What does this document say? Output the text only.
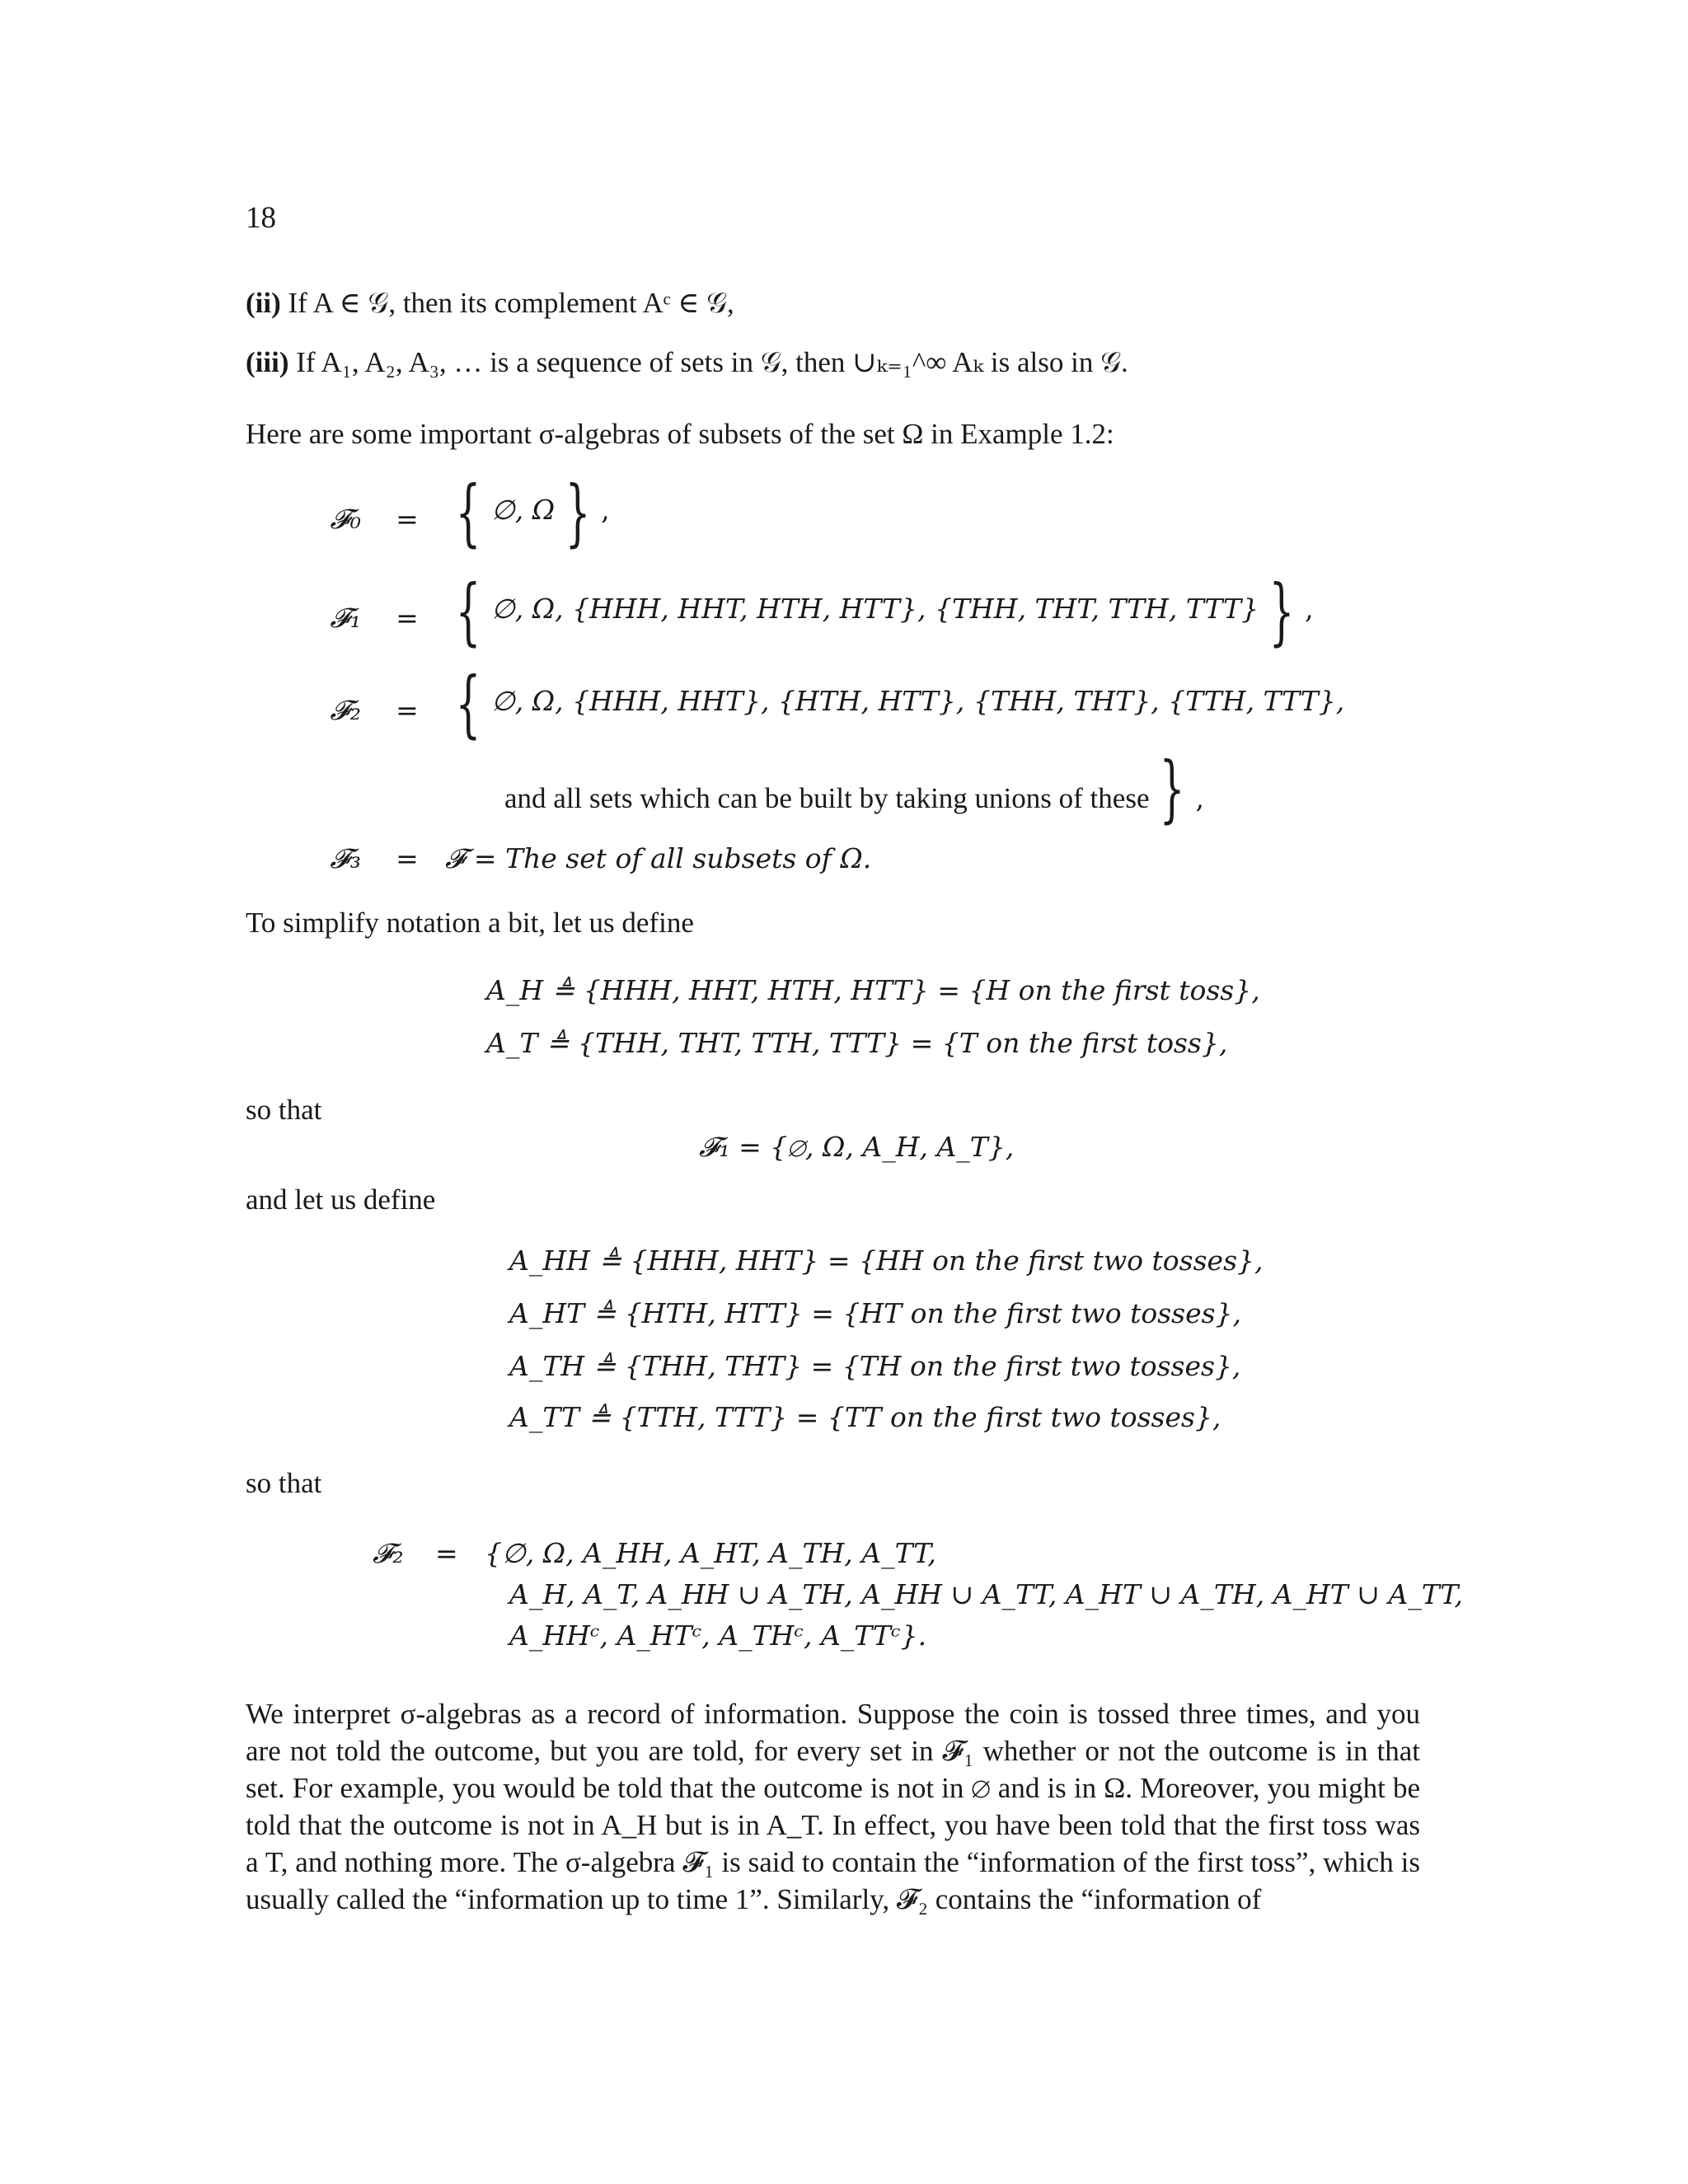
18
(ii) If A ∈ 𝒢, then its complement Aᶜ ∈ 𝒢,
(iii) If A₁, A₂, A₃, … is a sequence of sets in 𝒢, then ∪ₖ₌₁^∞ Aₖ is also in 𝒢.
Here are some important σ-algebras of subsets of the set Ω in Example 1.2:
𝓕₀ = { ∅, Ω } ,
𝓕₁ = { ∅, Ω, {HHH, HHT, HTH, HTT}, {THH, THT, TTH, TTT} } ,
𝓕₂ = { ∅, Ω, {HHH, HHT}, {HTH, HTT}, {THH, THT}, {TTH, TTT},
and all sets which can be built by taking unions of these } ,
𝓕₃ = 𝓕 = The set of all subsets of Ω.
To simplify notation a bit, let us define
A_H ≜ {HHH, HHT, HTH, HTT} = {H on the first toss},
A_T ≜ {THH, THT, TTH, TTT} = {T on the first toss},
so that
𝓕₁ = {∅, Ω, A_H, A_T},
and let us define
A_HH ≜ {HHH, HHT} = {HH on the first two tosses},
A_HT ≜ {HTH, HTT} = {HT on the first two tosses},
A_TH ≜ {THH, THT} = {TH on the first two tosses},
A_TT ≜ {TTH, TTT} = {TT on the first two tosses},
so that
𝓕₂ = {∅, Ω, A_HH, A_HT, A_TH, A_TT,
A_H, A_T, A_HH ∪ A_TH, A_HH ∪ A_TT, A_HT ∪ A_TH, A_HT ∪ A_TT,
A_HHᶜ, A_HTᶜ, A_THᶜ, A_TTᶜ}.
We interpret σ-algebras as a record of information. Suppose the coin is tossed three times, and you are not told the outcome, but you are told, for every set in 𝓕₁ whether or not the outcome is in that set. For example, you would be told that the outcome is not in ∅ and is in Ω. Moreover, you might be told that the outcome is not in A_H but is in A_T. In effect, you have been told that the first toss was a T, and nothing more. The σ-algebra 𝓕₁ is said to contain the “information of the first toss”, which is usually called the “information up to time 1”. Similarly, 𝓕₂ contains the “information of
